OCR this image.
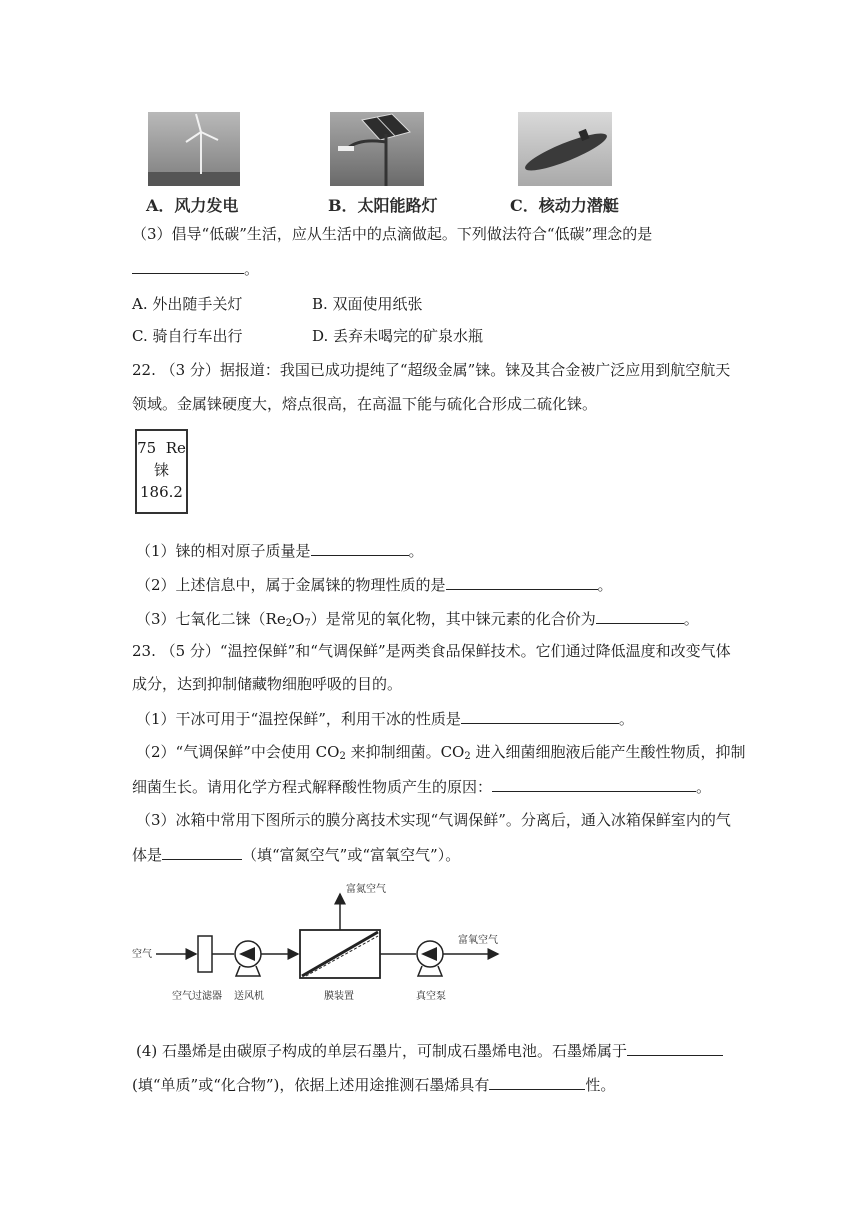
A．风力发电	B．太阳能路灯	C．核动力潜艇
（3）倡导“低碳”生活，应从生活中的点滴做起。下列做法符合“低碳”理念的是
。
A. 外出随手关灯	B. 双面使用纸张
C. 骑自行车出行	D. 丢弃未喝完的矿泉水瓶
22. （3 分）据报道：我国已成功提纯了“超级金属”铼。铼及其合金被广泛应用到航空航天
领域。金属铼硬度大，熔点很高，在高温下能与硫化合形成二硫化铼。
75 Re
铼
186.2
（1）铼的相对原子质量是	。
（2）上述信息中，属于金属铼的物理性质的是	。
（3）七氧化二铼$(Re_2O_7)$是常见的氧化物，其中铼元素的化合价为	。
23. （5 分）“温控保鲜”和“气调保鲜”是两类食品保鲜技术。它们通过降低温度和改变气体
成分，达到抑制储藏物细胞呼吸的目的。
（1）干冰可用于“温控保鲜”，利用干冰的性质是	。
（2）“气调保鲜”中会使用 $CO_2$ 来抑制细菌。$CO_2$ 进入细菌细胞液后能产生酸性物质，抑制
细菌生长。请用化学方程式解释酸性物质产生的原因：	。
（3）冰箱中常用下图所示的膜分离技术实现“气调保鲜”。分离后，通入冰箱保鲜室内的气
体是	（填“富氮空气”或“富氧空气”）。
空气
富氮空气
富氧空气
空气过滤器 送风机	膜装置	真空泵
(4) 石墨烯是由碳原子构成的单层石墨片，可制成石墨烯电池。石墨烯属于
(填“单质”或“化合物”)，依据上述用途推测石墨烯具有	性。
